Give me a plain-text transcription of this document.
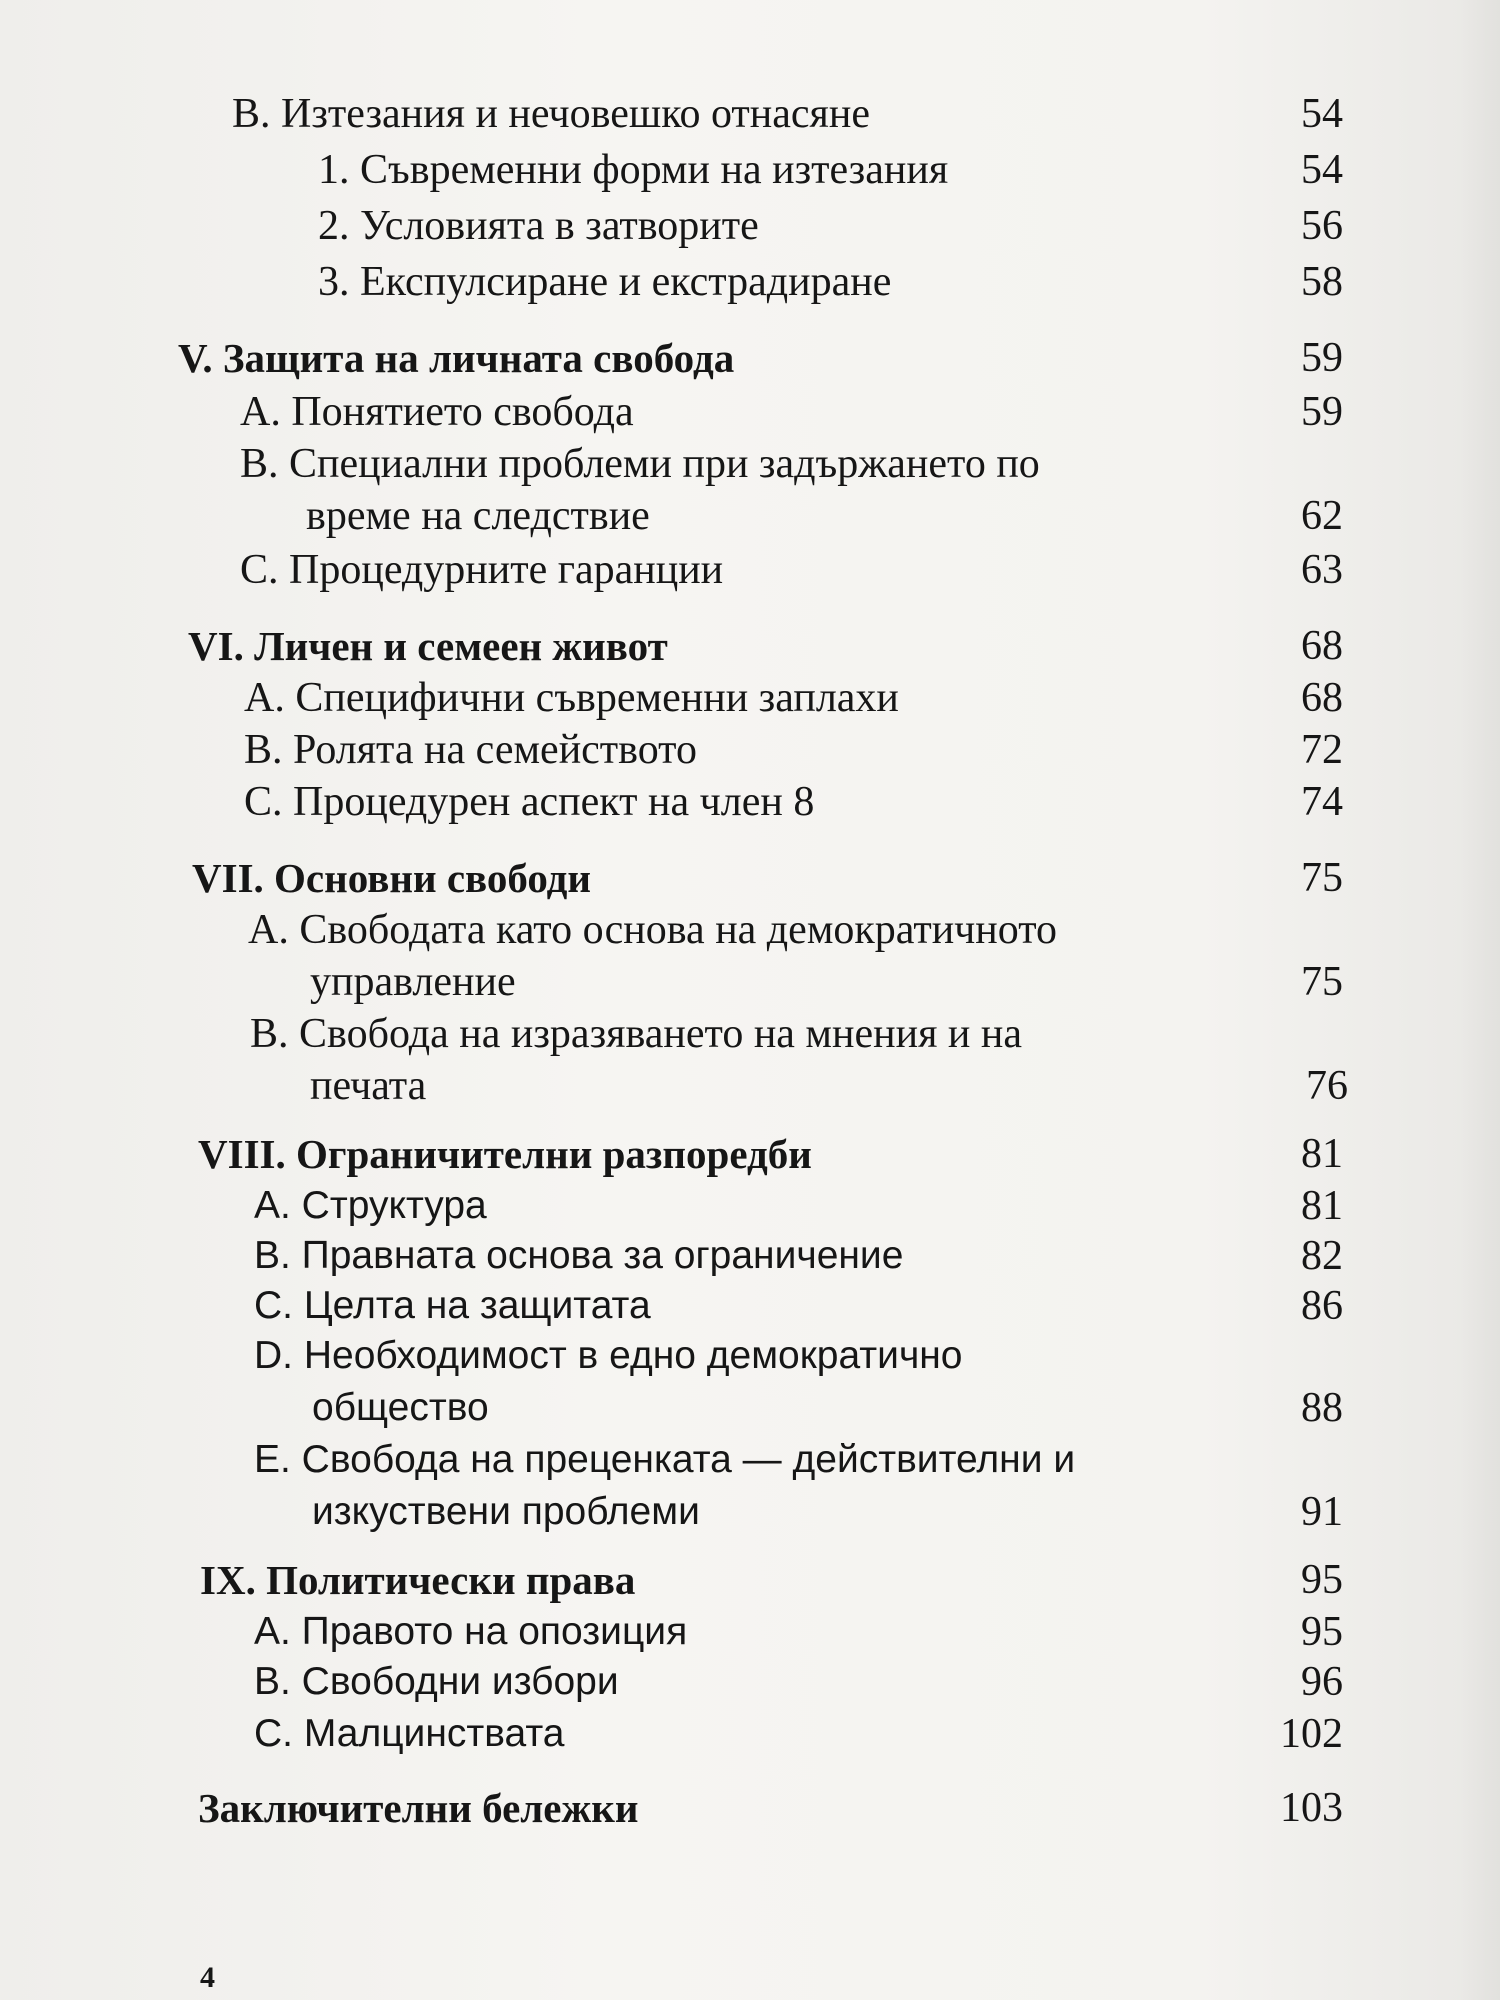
B. Изтезания и нечовешко отнасяне	54
1. Съвременни форми на изтезания	54
2. Условията в затворите	56
3. Експулсиране и екстрадиране	58
V. Защита на личната свобода	59
A. Понятието свобода	59
B. Специални проблеми при задържането по
време на следствие	62
C. Процедурните гаранции	63
VI. Личен и семеен живот	68
A. Специфични съвременни заплахи	68
B. Ролята на семейството	72
C. Процедурен аспект на член 8	74
VII. Основни свободи	75
A. Свободата като основа на демократичното
управление	75
B. Свобода на изразяването на мнения и на
печата	76
VIII. Ограничителни разпоредби	81
A. Структура	81
B. Правната основа за ограничение	82
C. Целта на защитата	86
D. Необходимост в едно демократично
общество	88
E. Свобода на преценката — действителни и
изкуствени проблеми	91
IX. Политически права	95
A. Правото на опозиция	95
B. Свободни избори	96
C. Малцинствата	102
Заключителни бележки	103
4
